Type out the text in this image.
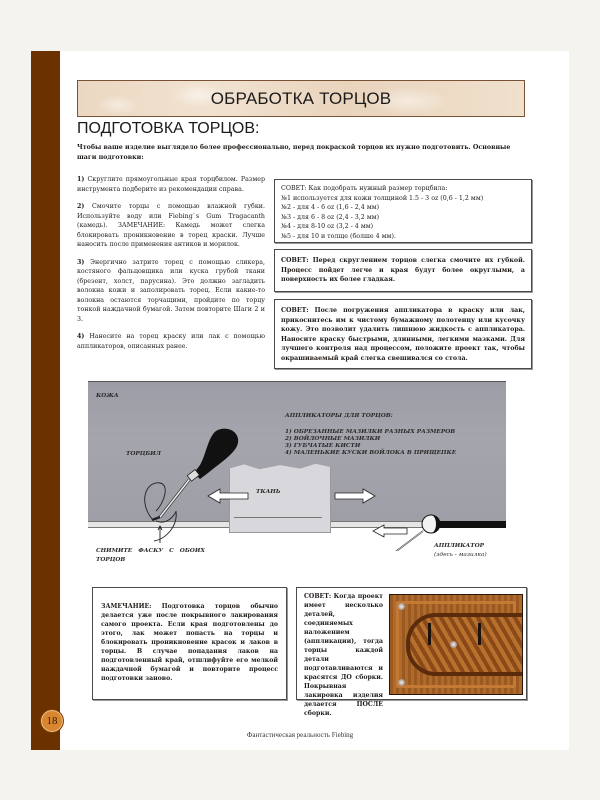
18
ОБРАБОТКА ТОРЦОВ
ПОДГОТОВКА ТОРЦОВ:
Чтобы ваше изделие выглядело более профессионально, перед покраской торцов их нужно подготовить. Основные шаги подготовки:

1) Скруглите прямоугольные края торцбилом. Размер инструмента подберите из рекомендации справа.

2) Смочите торцы с помощью влажной губки. Используйте воду или Fiebing`s Gum Tragacanth (камедь). ЗАМЕЧАНИЕ: Камедь может слегка блокировать проникновение в торец краски. Лучше наносить после применения антиков и морилок.

3) Энергично затрите торец с помощью сликера, костяного фальцовщика или куска грубой ткани (брезент, холст, парусина). Это должно загладить волокна кожи и заполировать торец. Если какие-то волокна остаются торчащими, пройдите по торцу тонкой наждачной бумагой. Затем повторите Шаги 2 и 3.

4) Нанесите на торец краску или лак с помощью аппликаторов, описанных ранее.

СОВЕТ: Как подобрать нужный размер торцбила:
№1 используется для кожи толщиной 1.5 - 3 oz (0,6 - 1,2 мм)
№2 - для 4 - 6 oz (1,6 - 2,4 мм)
№3 - для 6 - 8 oz (2,4 - 3,2 мм)
№4 - для 8-10 oz (3,2 - 4 мм)
№5 - для 10 и толще (болше 4 мм).
СОВЕТ: Перед скруглением торцов слегка смочите их губкой. Процесс пойдет легче и края будут более округлыми, а поверхность их более гладкая.
СОВЕТ: После погружения аппликатора в краску или лак, прикоснитесь им к чистому бумажному полотенцу или кусочку кожу. Это позволит удалить лишнюю жидкость с аппликатора. Наносите краску быстрыми, длинными, легкими мазками. Для лучшего контроля над процессом, положите проект так, чтобы окрашиваемый край слегка свешивался со стола.
КОЖА
ТОРЦБИЛ
ТКАНЬ
АППЛИКАТОРЫ ДЛЯ ТОРЦОВ:
1) ОБРЕЗАННЫЕ МАЗИЛКИ РАЗНЫХ РАЗМЕРОВ
2) ВОЙЛОЧНЫЕ МАЗИЛКИ
3) ГУБЧАТЫЕ КИСТИ
4) МАЛЕНЬКИЕ КУСКИ ВОЙЛОКА В ПРИЩЕПКЕ
СНИМИТЕ   ФАСКУ   С   ОБОИХ
ТОРЦОВ
АППЛИКАТОР
(здесь - мазилка)
ЗАМЕЧАНИЕ: Подготовка торцов обычно делается уже после покрывного лакирования самого проекта. Если края подготовлены до этого, лак может попасть на торцы и блокировать проникновение красок и лаков в торцы. В случае попадания лаков на подготовленный край, отшлифуйте его мелкой наждачной бумагой и повторите процесс подготовки заново.
СОВЕТ: Когда проект имеет несколько деталей, соединяемых наложением (аппликации), тогда торцы каждой детали подготавливаются и красятся ДО сборки. Покрывная лакировка изделия делается ПОСЛЕ сборки.
Фантастическая реальность Fiebing
